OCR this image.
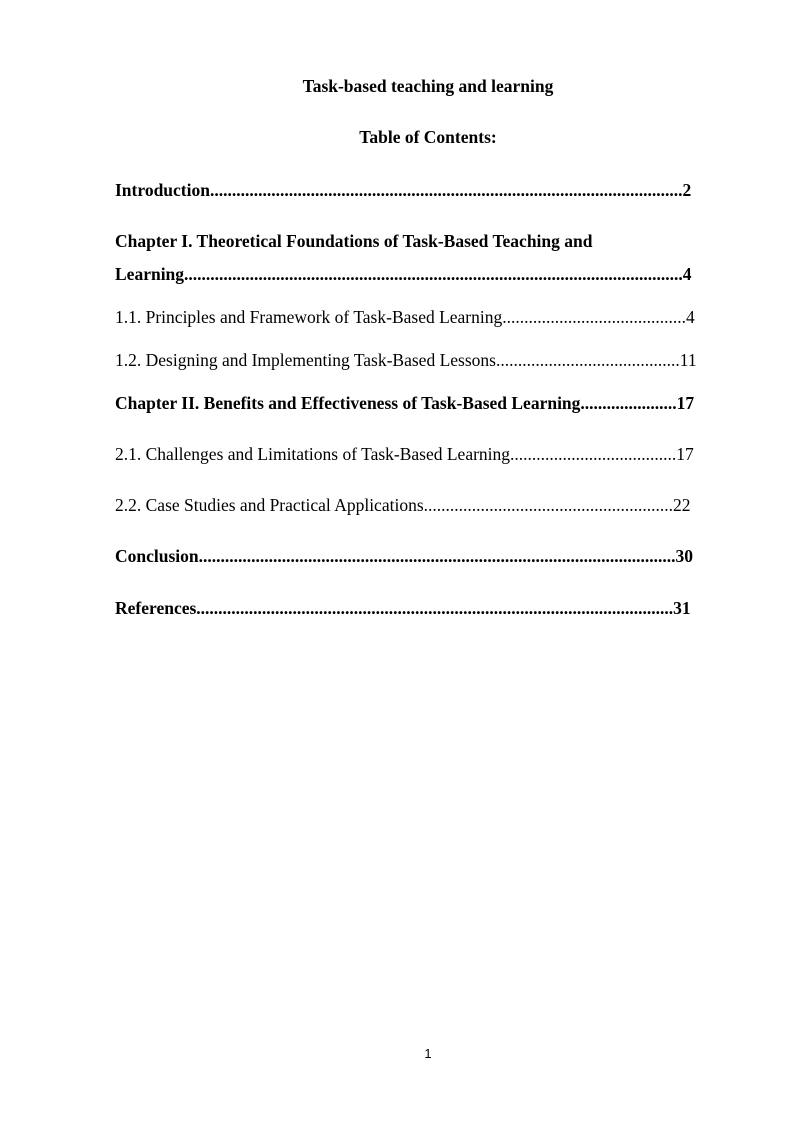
Task-based teaching and learning
Table of Contents:
Introduction............................................................................................................2
Chapter I. Theoretical Foundations of Task-Based Teaching and
Learning..................................................................................................................4
1.1. Principles and Framework of Task-Based Learning..........................................4
1.2. Designing and Implementing Task-Based Lessons..........................................11
Chapter II. Benefits and Effectiveness of Task-Based Learning......................17
2.1. Challenges and Limitations of Task-Based Learning......................................17
2.2. Case Studies and Practical Applications.........................................................22
Conclusion.............................................................................................................30
References.............................................................................................................31
1
